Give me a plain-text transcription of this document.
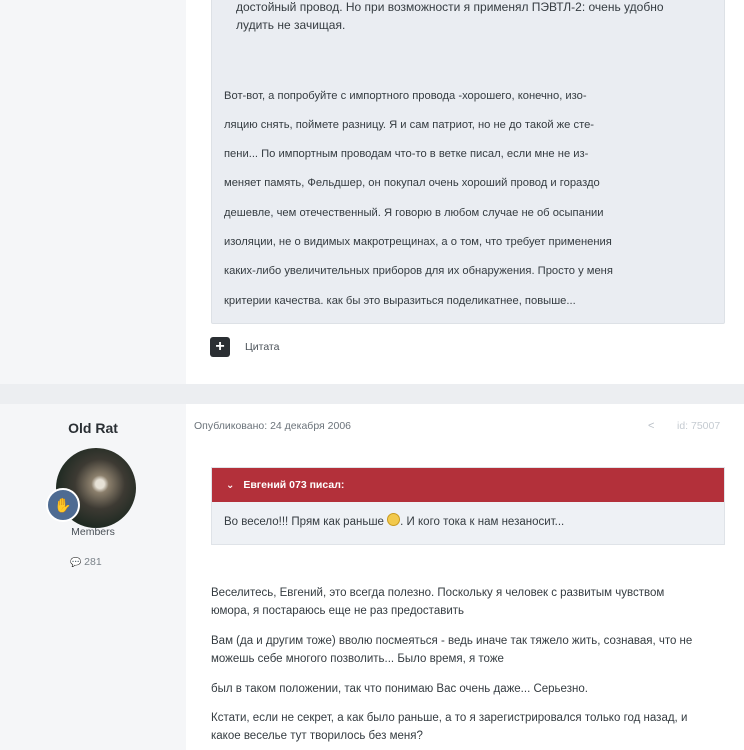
достойный провод. Но при возможности я применял ПЭВТЛ-2: очень удобно
лудить не зачищая.
Вот-вот, а попробуйте с импортного провода -хорошего, конечно, изо-
ляцию снять, поймете разницу. Я и сам патриот, но не до такой же сте-
пени... По импортным проводам что-то в ветке писал, если мне не из-
меняет память, Фельдшер, он покупал очень хороший провод и гораздо
дешевле, чем отечественный. Я говорю в любом случае не об осыпании
изоляции, не о видимых макротрещинах, а о том, что требует применения
каких-либо увеличительных приборов для их обнаружения. Просто у меня
критерии качества. как бы это выразиться поделикатнее, повыше...
+	Цитата
Old Rat
✋
Members
💬 281
Опубликовано: 24 декабря 2006	< id: 75007
⌄ Евгений 073 писал:
Во весело!!! Прям как раньше . И кого тока к нам незаносит...
Веселитесь, Евгений, это всегда полезно. Поскольку я человек с развитым чувством
юмора, я постараюсь еще не раз предоставить
Вам (да и другим тоже) вволю посмеяться - ведь иначе так тяжело жить, сознавая, что не
можешь себе многого позволить... Было время, я тоже
был в таком положении, так что понимаю Вас очень даже... Серьезно.
Кстати, если не секрет, а как было раньше, а то я зарегистрировался только год назад, и
какое веселье тут творилось без меня?
